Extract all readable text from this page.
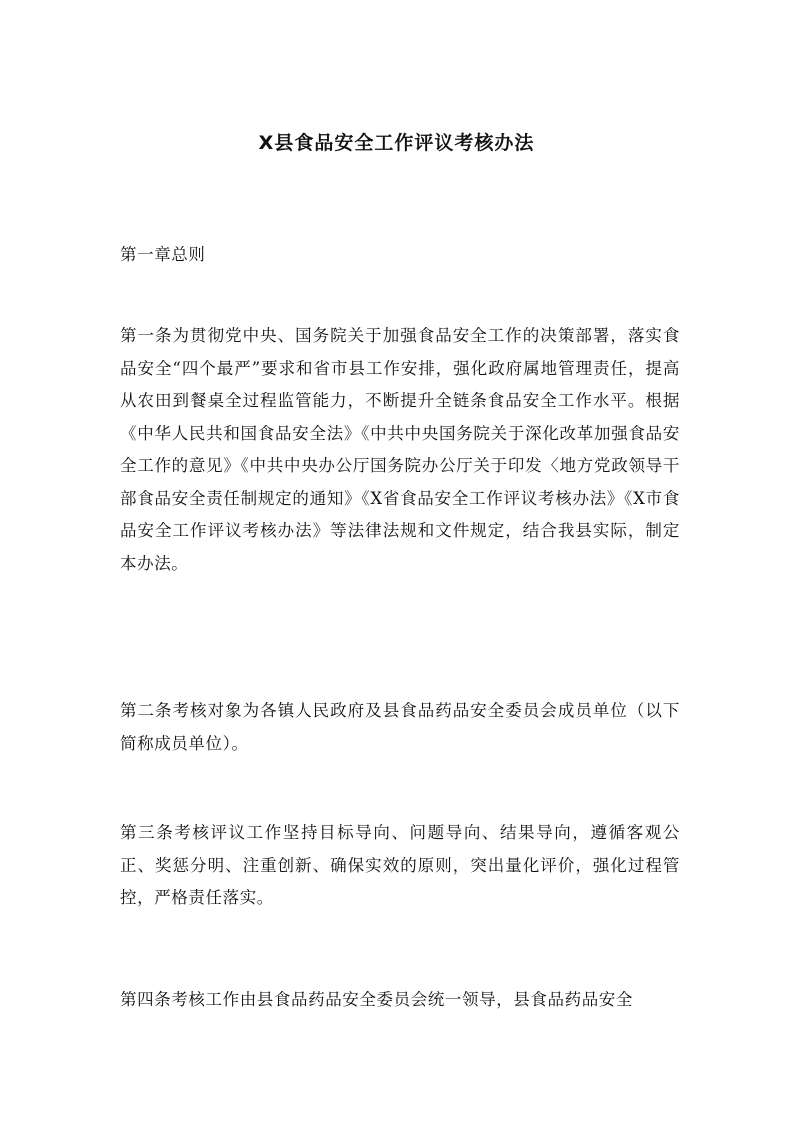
X县食品安全工作评议考核办法
第一章总则
第一条为贯彻党中央、国务院关于加强食品安全工作的决策部署，落实食品安全“四个最严”要求和省市县工作安排，强化政府属地管理责任，提高从农田到餐桌全过程监管能力，不断提升全链条食品安全工作水平。根据《中华人民共和国食品安全法》《中共中央国务院关于深化改革加强食品安全工作的意见》《中共中央办公厅国务院办公厅关于印发〈地方党政领导干部食品安全责任制规定的通知》《X省食品安全工作评议考核办法》《X市食品安全工作评议考核办法》等法律法规和文件规定，结合我县实际，制定本办法。
第二条考核对象为各镇人民政府及县食品药品安全委员会成员单位（以下简称成员单位）。
第三条考核评议工作坚持目标导向、问题导向、结果导向，遵循客观公正、奖惩分明、注重创新、确保实效的原则，突出量化评价，强化过程管控，严格责任落实。
第四条考核工作由县食品药品安全委员会统一领导，县食品药品安全
